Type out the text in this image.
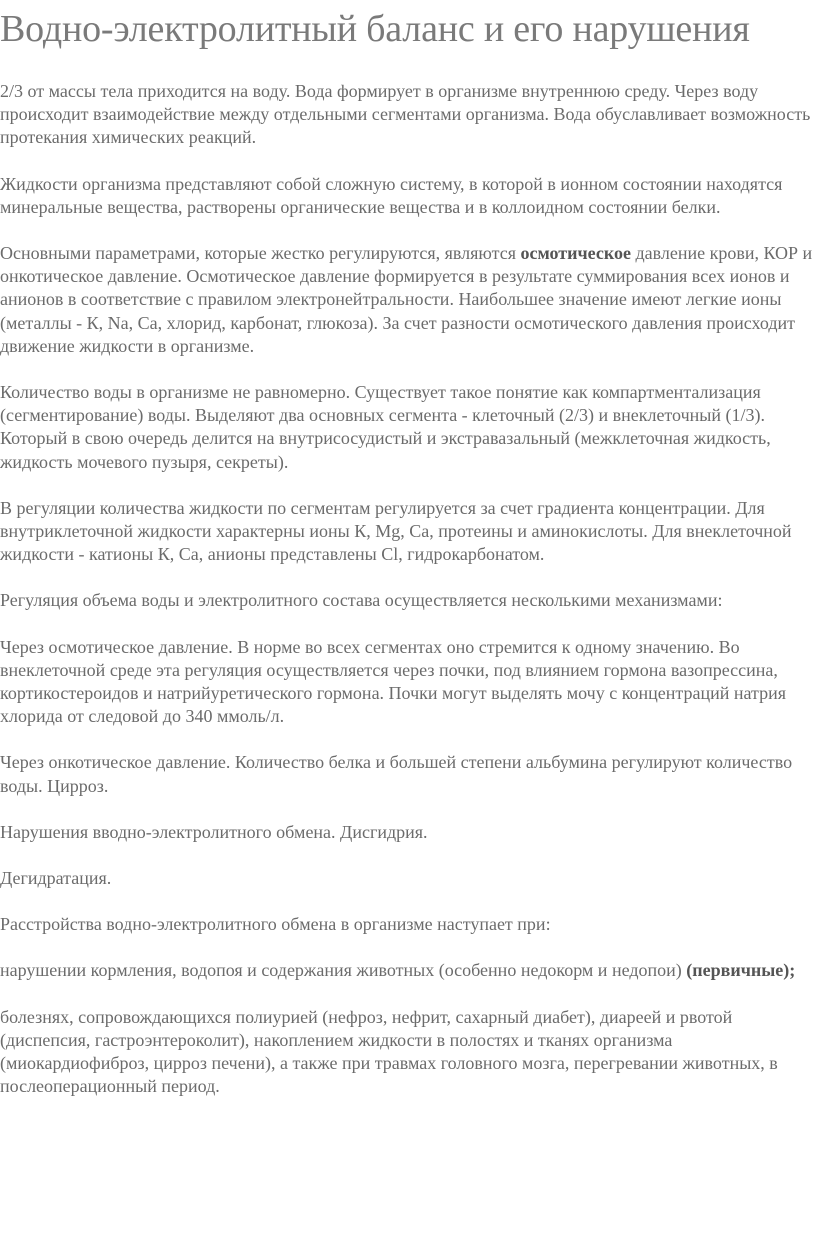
Водно-электролитный баланс и его нарушения

2/3 от массы тела приходится на воду. Вода формирует в организме внутреннюю среду. Через воду происходит взаимодействие между отдельными сегментами организма. Вода обуславливает возможность протекания химических реакций.

Жидкости организма представляют собой сложную систему, в которой в ионном состоянии находятся минеральные вещества, растворены органические вещества и в коллоидном состоянии белки.

Основными параметрами, которые жестко регулируются, являются осмотическое давление крови, КОР и онкотическое давление. Осмотическое давление формируется в результате суммирования всех ионов и анионов в соответствие с правилом электронейтральности. Наибольшее значение имеют легкие ионы (металлы - К, Na, Са, хлорид, карбонат, глюкоза). За счет разности осмотического давления происходит движение жидкости в организме.

Количество воды в организме не равномерно. Существует такое понятие как компартментализация (сегментирование) воды. Выделяют два основных сегмента - клеточный (2/3) и внеклеточный (1/3). Который в свою очередь делится на внутрисосудистый и экстравазальный (межклеточная жидкость, жидкость мочевого пузыря, секреты).

В регуляции количества жидкости по сегментам регулируется за счет градиента концентрации. Для внутриклеточной жидкости характерны ионы К, Mg, Са, протеины и аминокислоты. Для внеклеточной жидкости - катионы К, Са, анионы представлены Cl, гидрокарбонатом.

Регуляция объема воды и электролитного состава осуществляется несколькими механизмами:

Через осмотическое давление. В норме во всех сегментах оно стремится к одному значению. Во внеклеточной среде эта регуляция осуществляется через почки, под влиянием гормона вазопрессина, кортикостероидов и натрийуретического гормона. Почки могут выделять мочу с концентраций натрия хлорида от следовой до 340 ммоль/л.

Через онкотическое давление. Количество белка и большей степени альбумина регулируют количество воды. Цирроз.

Нарушения вводно-электролитного обмена. Дисгидрия.

Дегидратация.

Расстройства водно-электролитного обмена в организме наступает при:

нарушении кормления, водопоя и содержания животных (особенно недокорм и недопои) (первичные);

болезнях, сопровождающихся полиурией (нефроз, нефрит, сахарный диабет), диареей и рвотой (диспепсия, гастроэнтероколит), накоплением жидкости в полостях и тканях организма (миокардиофиброз, цирроз печени), а также при травмах головного мозга, перегревании животных, в послеоперационный период.
